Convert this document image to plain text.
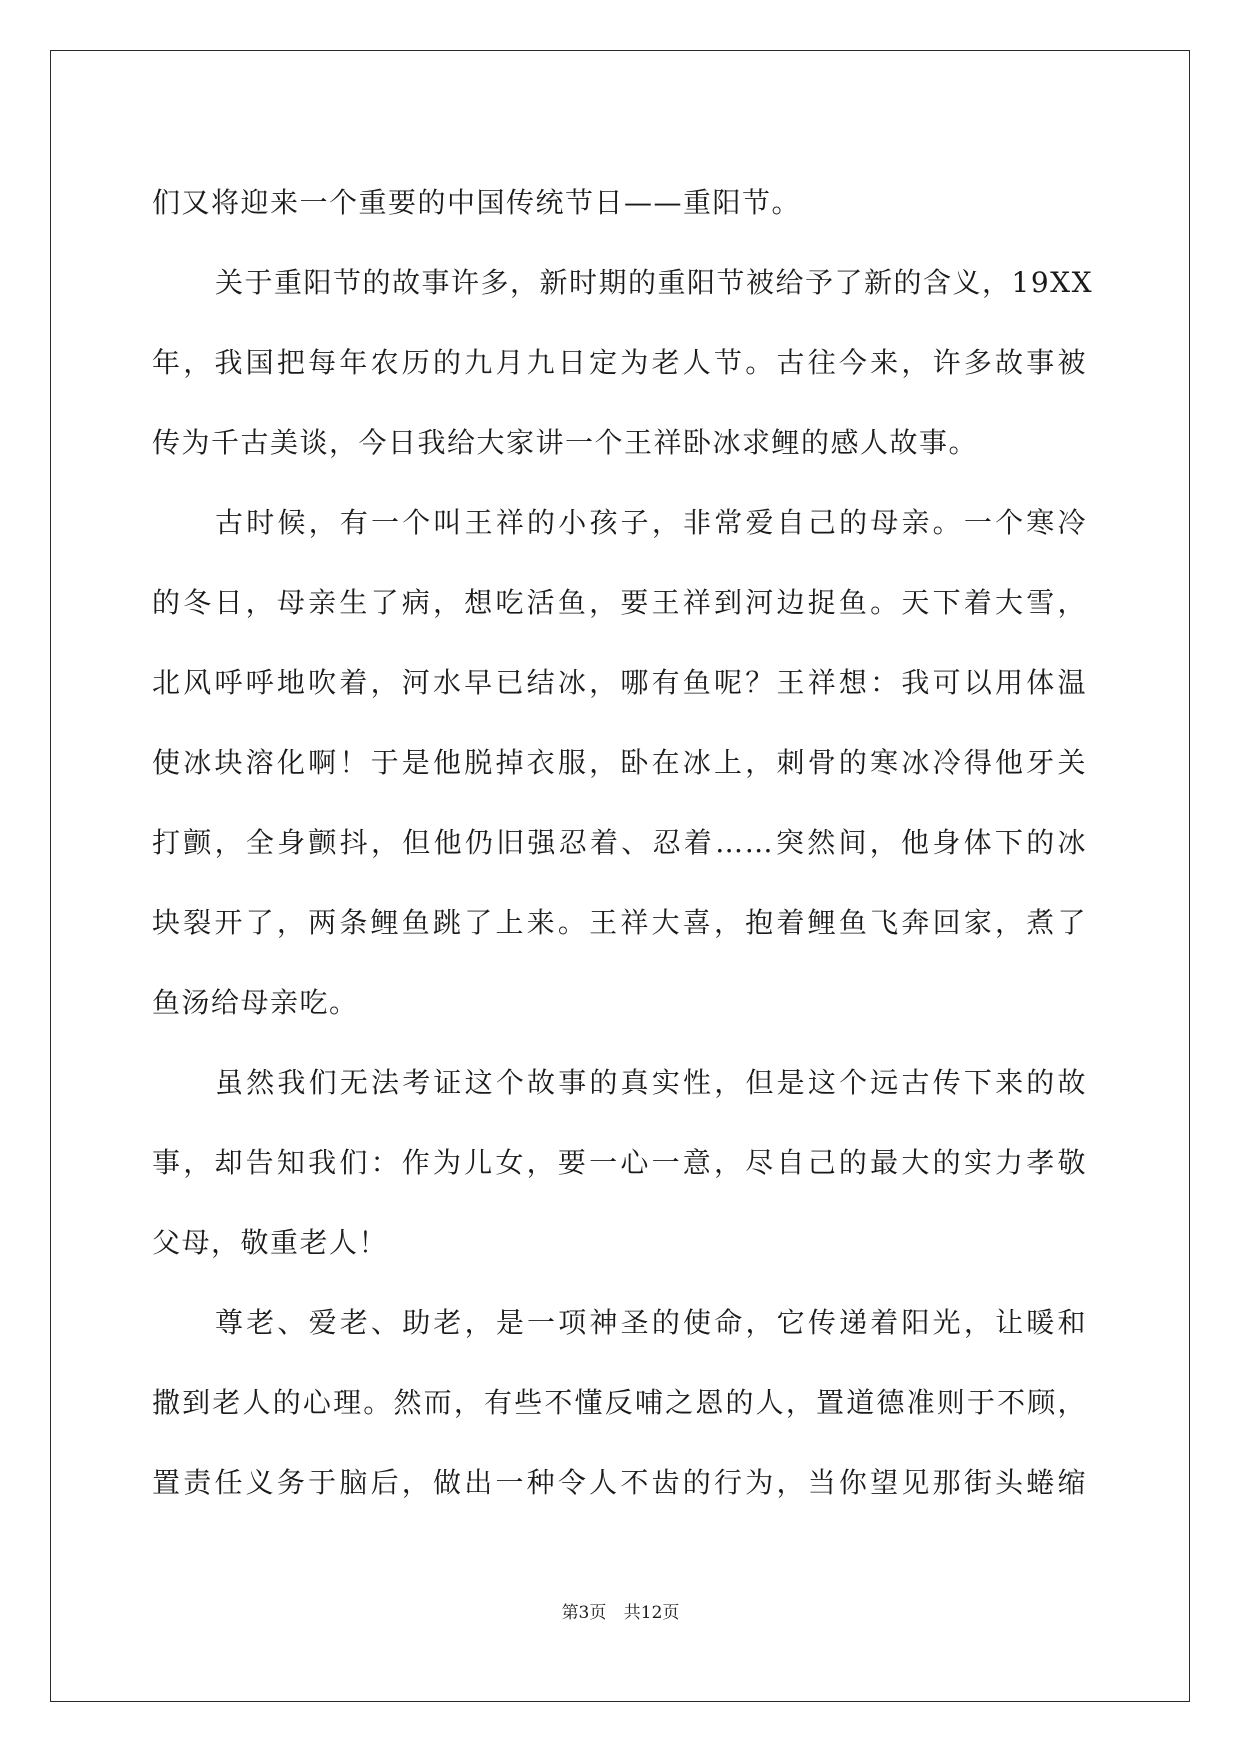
们又将迎来一个重要的中国传统节日——重阳节。
关于重阳节的故事许多，新时期的重阳节被给予了新的含义，19XX
年，我国把每年农历的九月九日定为老人节。古往今来，许多故事被
传为千古美谈，今日我给大家讲一个王祥卧冰求鲤的感人故事。
古时候，有一个叫王祥的小孩子，非常爱自己的母亲。一个寒冷
的冬日，母亲生了病，想吃活鱼，要王祥到河边捉鱼。天下着大雪，
北风呼呼地吹着，河水早已结冰，哪有鱼呢？王祥想：我可以用体温
使冰块溶化啊！于是他脱掉衣服，卧在冰上，刺骨的寒冰冷得他牙关
打颤，全身颤抖，但他仍旧强忍着、忍着……突然间，他身体下的冰
块裂开了，两条鲤鱼跳了上来。王祥大喜，抱着鲤鱼飞奔回家，煮了
鱼汤给母亲吃。
虽然我们无法考证这个故事的真实性，但是这个远古传下来的故
事，却告知我们：作为儿女，要一心一意，尽自己的最大的实力孝敬
父母，敬重老人！
尊老、爱老、助老，是一项神圣的使命，它传递着阳光，让暖和
撒到老人的心理。然而，有些不懂反哺之恩的人，置道德准则于不顾，
置责任义务于脑后，做出一种令人不齿的行为，当你望见那街头蜷缩
第3页 共12页
